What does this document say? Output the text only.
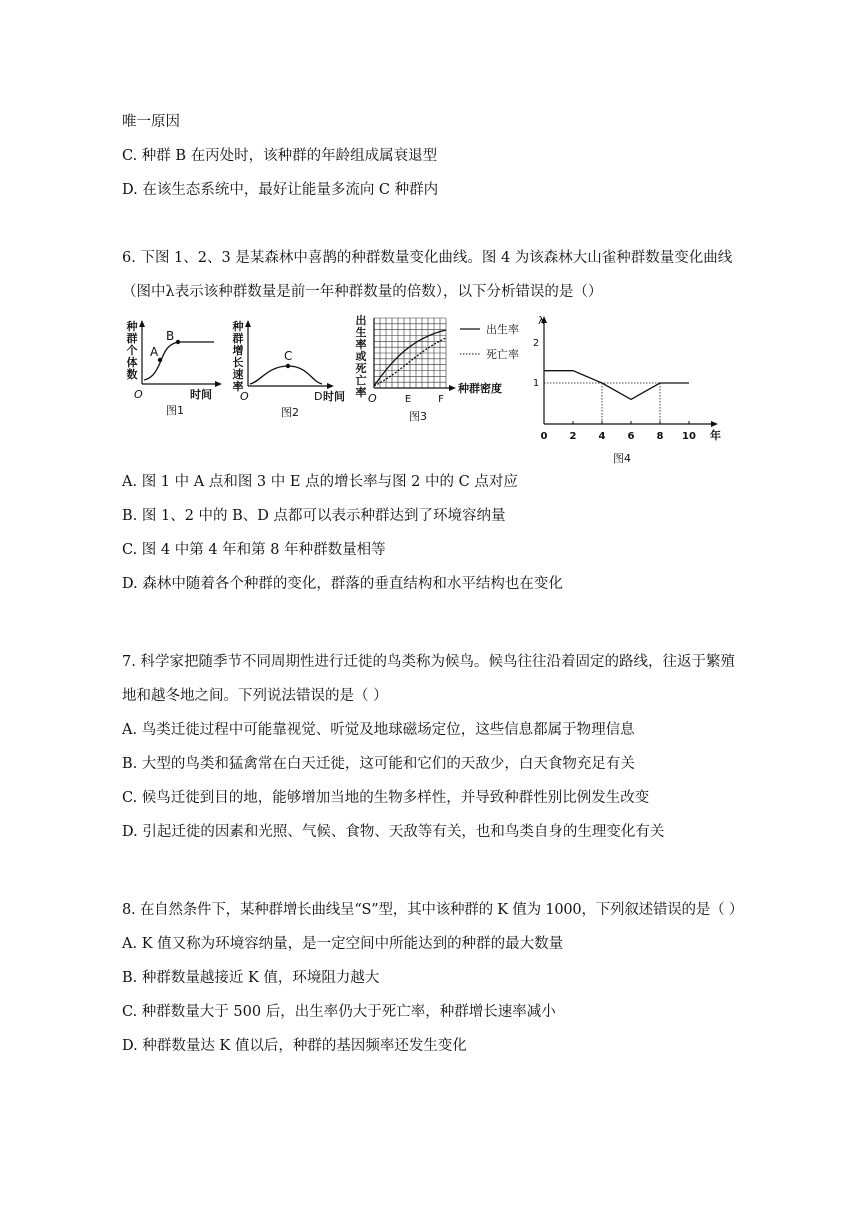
唯一原因
C. 种群 B 在丙处时，该种群的年龄组成属衰退型
D. 在该生态系统中，最好让能量多流向 C 种群内
6. 下图 1、2、3 是某森林中喜鹊的种群数量变化曲线。图 4 为该森林大山雀种群数量变化曲线
（图中λ表示该种群数量是前一年种群数量的倍数），以下分析错误的是（）
种
群
个
体
数
A
B
O	时间
图1
种
群
增
长
速
率
C
O	D 时间
图2
出
生
率
或
死
亡
率 O	E	F
种群密度
出生率
死亡率
图3
λ
2
1
0 2 4 6 8 10 年
图4
A. 图 1 中 A 点和图 3 中 E 点的增长率与图 2 中的 C 点对应
B. 图 1、2 中的 B、D 点都可以表示种群达到了环境容纳量
C. 图 4 中第 4 年和第 8 年种群数量相等
D. 森林中随着各个种群的变化，群落的垂直结构和水平结构也在变化
7. 科学家把随季节不同周期性进行迁徙的鸟类称为候鸟。候鸟往往沿着固定的路线，往返于繁殖
地和越冬地之间。下列说法错误的是（ ）
A. 鸟类迁徙过程中可能靠视觉、听觉及地球磁场定位，这些信息都属于物理信息
B. 大型的鸟类和猛禽常在白天迁徙，这可能和它们的天敌少，白天食物充足有关
C. 候鸟迁徙到目的地，能够增加当地的生物多样性，并导致种群性别比例发生改变
D. 引起迁徙的因素和光照、气候、食物、天敌等有关，也和鸟类自身的生理变化有关
8. 在自然条件下，某种群增长曲线呈“S”型，其中该种群的 K 值为 1000，下列叙述错误的是（ ）
A. K 值又称为环境容纳量，是一定空间中所能达到的种群的最大数量
B. 种群数量越接近 K 值，环境阻力越大
C. 种群数量大于 500 后，出生率仍大于死亡率，种群增长速率减小
D. 种群数量达 K 值以后，种群的基因频率还发生变化
